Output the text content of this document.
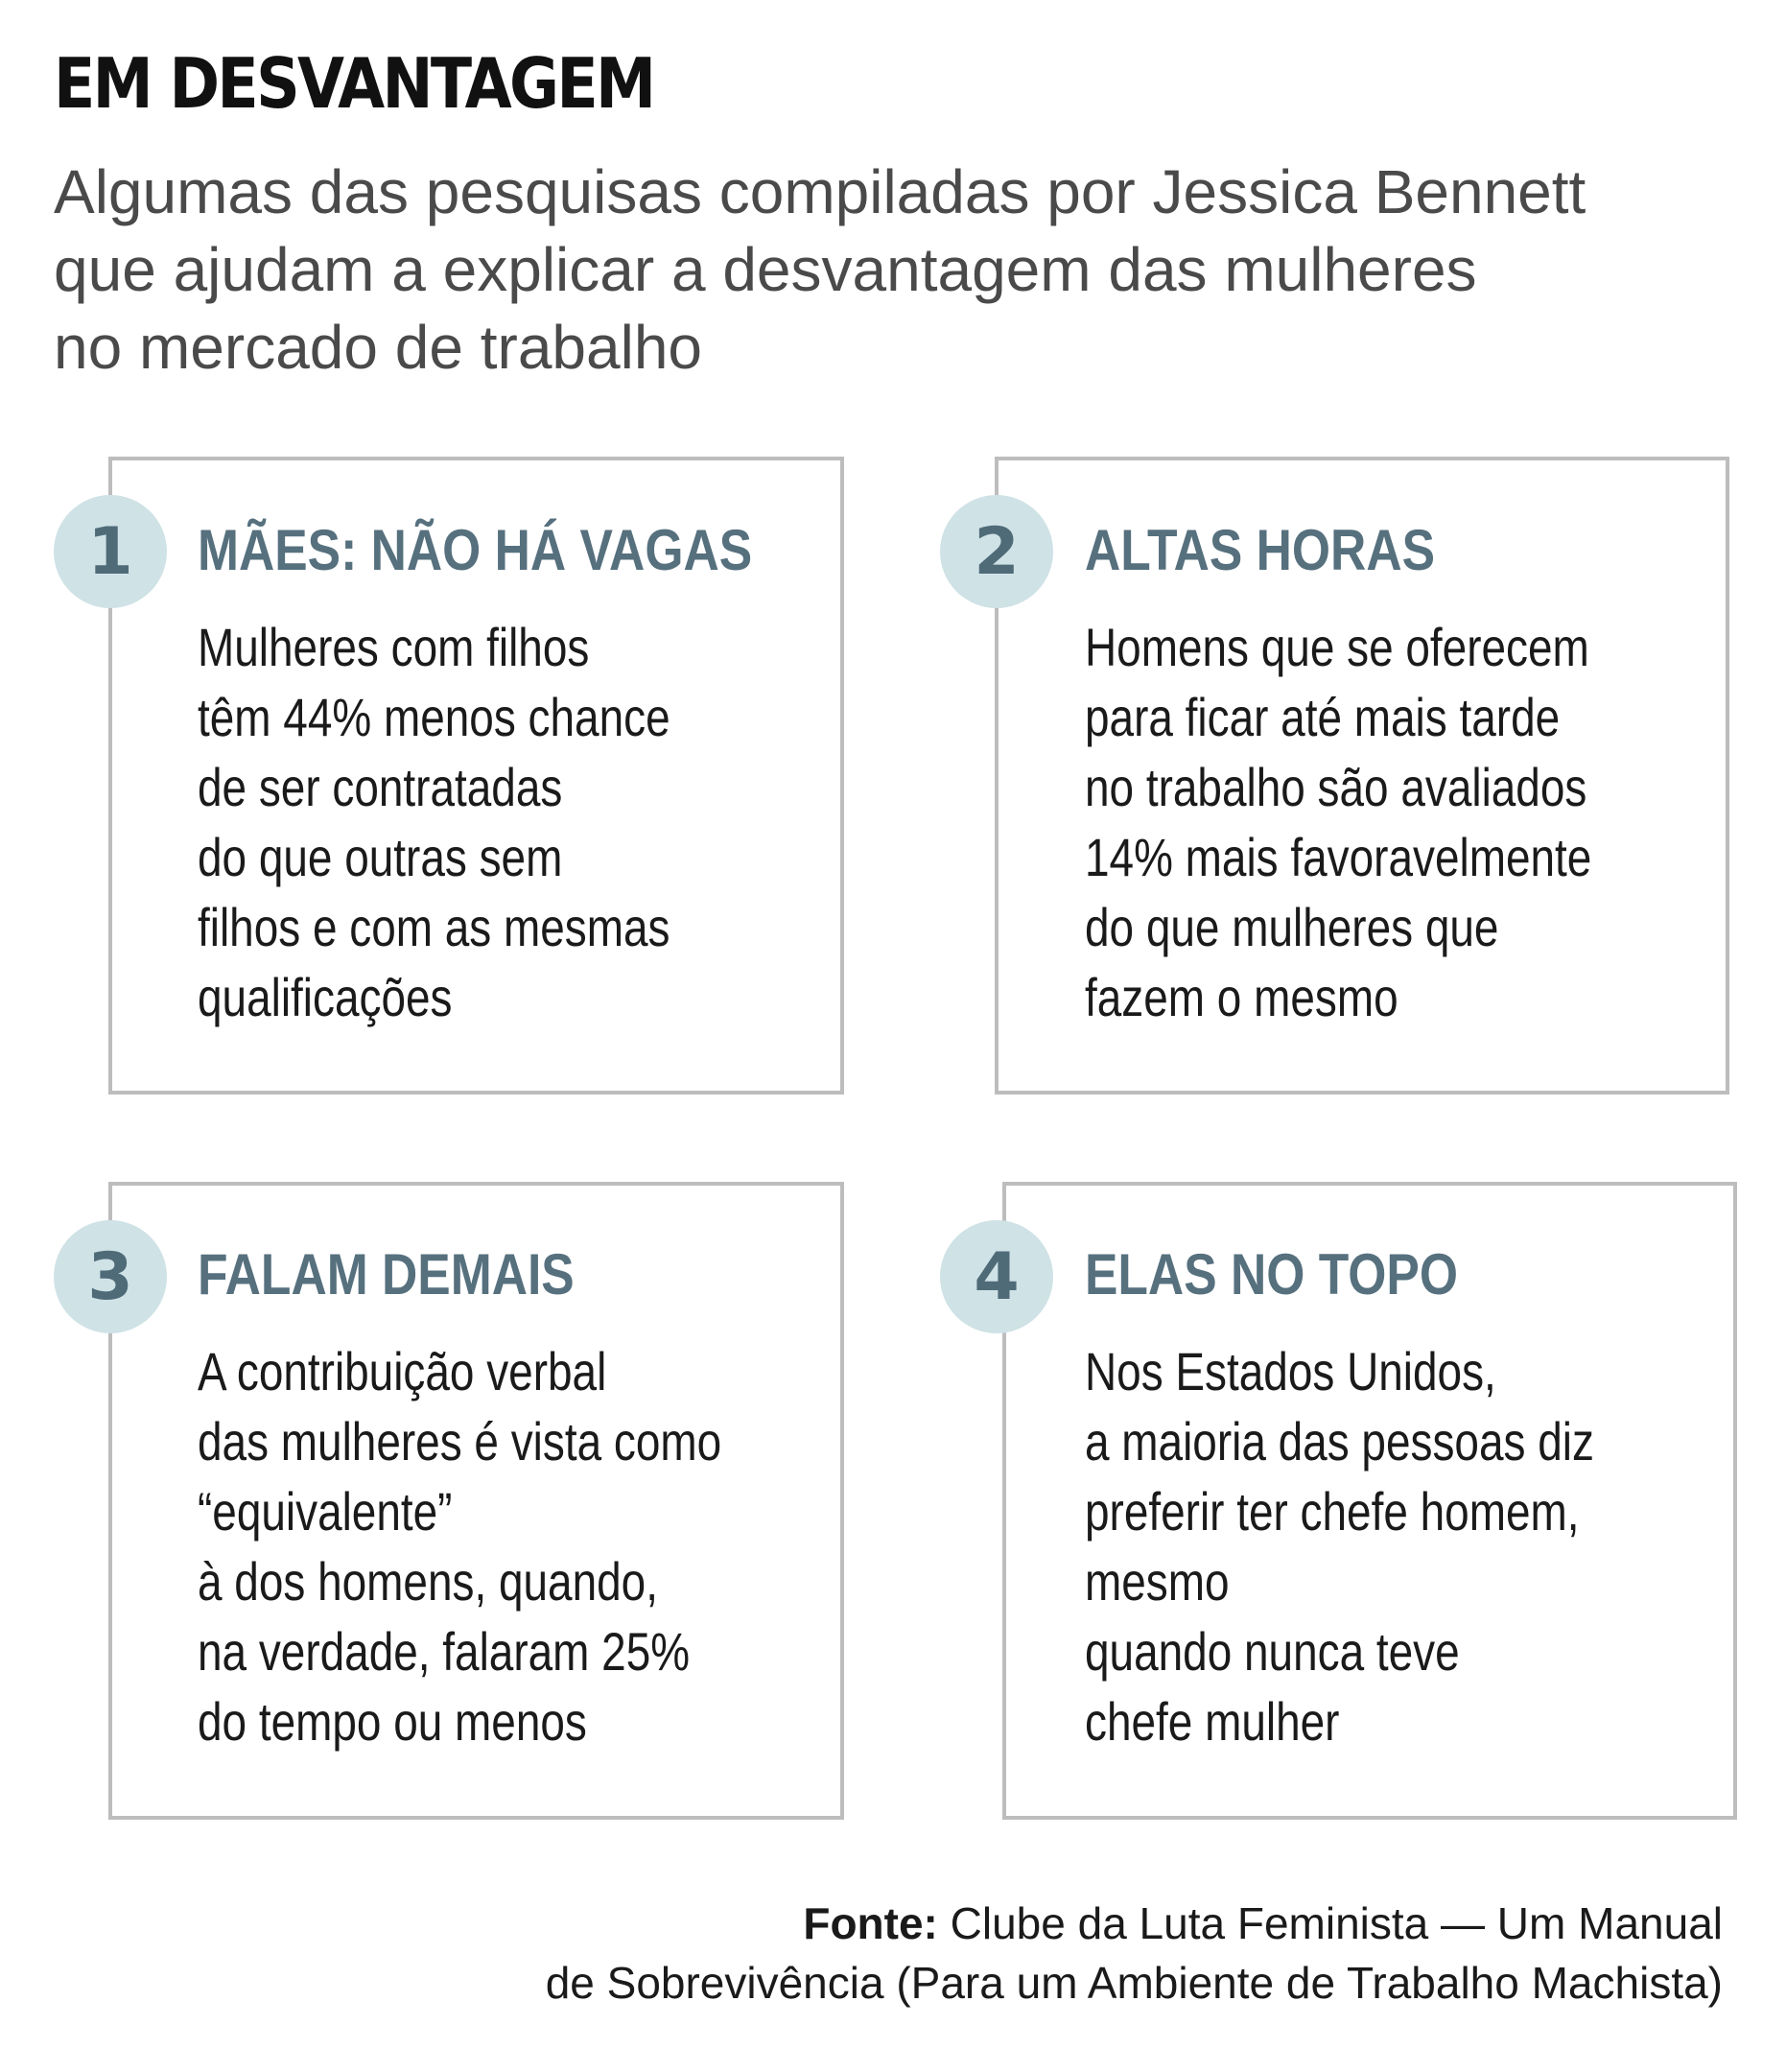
EM DESVANTAGEM

Algumas das pesquisas compiladas por Jessica Bennett
que ajudam a explicar a desvantagem das mulheres
no mercado de trabalho

1	MÃES: NÃO HÁ VAGAS

Mulheres com filhos
têm 44% menos chance
de ser contratadas
do que outras sem
filhos e com as mesmas
qualificações

2	ALTAS HORAS

Homens que se oferecem
para ficar até mais tarde
no trabalho são avaliados
14% mais favoravelmente
do que mulheres que
fazem o mesmo

3	FALAM DEMAIS

A contribuição verbal
das mulheres é vista como
“equivalente”
à dos homens, quando,
na verdade, falaram 25%
do tempo ou menos

4	ELAS NO TOPO

Nos Estados Unidos,
a maioria das pessoas diz
preferir ter chefe homem,
mesmo
quando nunca teve
chefe mulher

Fonte: Clube da Luta Feminista — Um Manual
de Sobrevivência (Para um Ambiente de Trabalho Machista)
